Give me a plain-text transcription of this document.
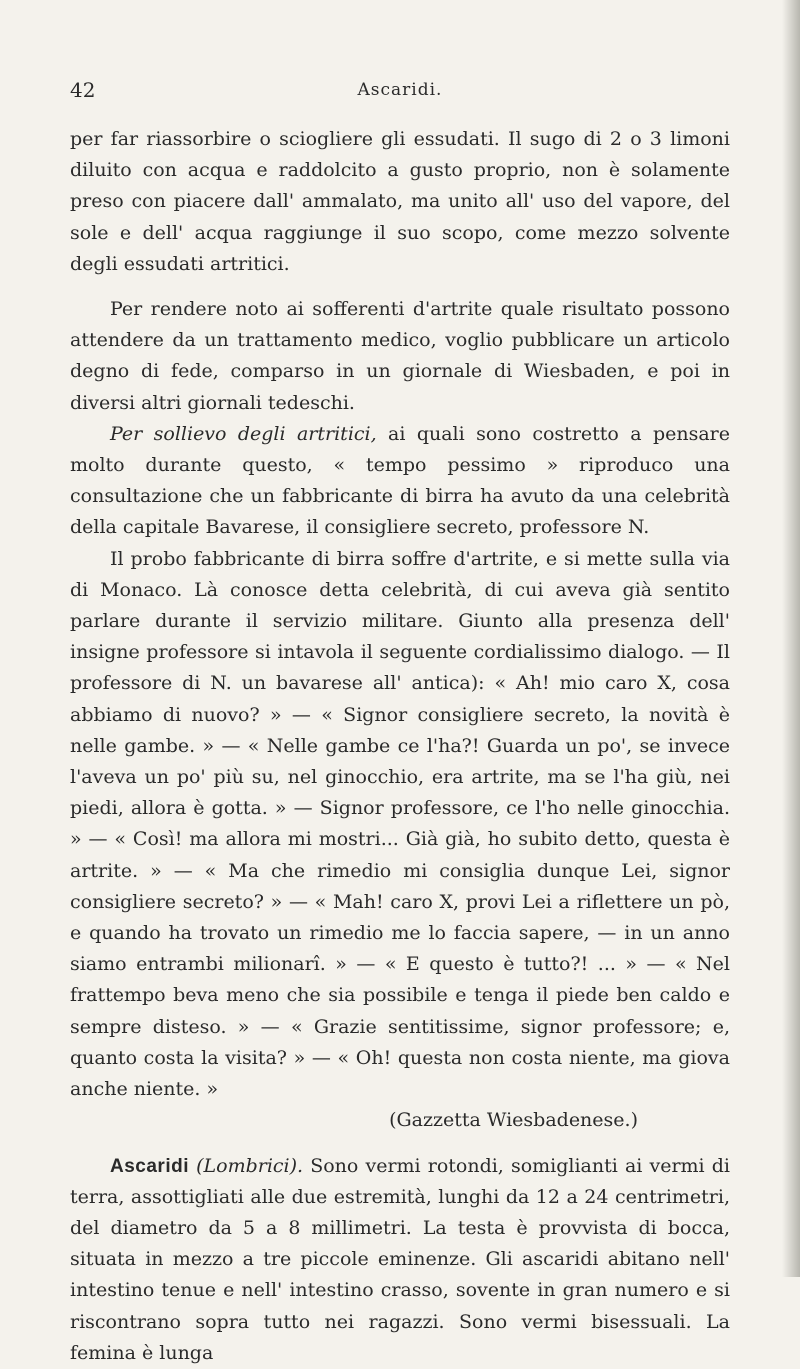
42	Ascaridi.

per far riassorbire o sciogliere gli essudati. Il sugo di 2 o 3 limoni diluito con acqua e raddolcito a gusto proprio, non è solamente preso con piacere dall' ammalato, ma unito all' uso del vapore, del sole e dell' acqua raggiunge il suo scopo, come mezzo solvente degli essudati artritici.

Per rendere noto ai sofferenti d'artrite quale risultato possono attendere da un trattamento medico, voglio pubblicare un articolo degno di fede, comparso in un giornale di Wiesbaden, e poi in diversi altri giornali tedeschi.

Per sollievo degli artritici, ai quali sono costretto a pensare molto durante questo, « tempo pessimo » riproduco una consultazione che un fabbricante di birra ha avuto da una celebrità della capitale Bavarese, il consigliere secreto, professore N.

Il probo fabbricante di birra soffre d'artrite, e si mette sulla via di Monaco. Là conosce detta celebrità, di cui aveva già sentito parlare durante il servizio militare. Giunto alla presenza dell' insigne professore si intavola il seguente cordialissimo dialogo. — Il professore di N. un bavarese all' antica): « Ah! mio caro X, cosa abbiamo di nuovo? » — « Signor consigliere secreto, la novità è nelle gambe. » — « Nelle gambe ce l'ha?! Guarda un po', se invece l'aveva un po' più su, nel ginocchio, era artrite, ma se l'ha giù, nei piedi, allora è gotta. » — Signor professore, ce l'ho nelle ginocchia. » — « Così! ma allora mi mostri... Già già, ho subito detto, questa è artrite. » — « Ma che rimedio mi consiglia dunque Lei, signor consigliere secreto? » — « Mah! caro X, provi Lei a riflettere un pò, e quando ha trovato un rimedio me lo faccia sapere, — in un anno siamo entrambi milionarî. » — « E questo è tutto?! ... » — « Nel frattempo beva meno che sia possibile e tenga il piede ben caldo e sempre disteso. » — « Grazie sentitissime, signor professore; e, quanto costa la visita? » — « Oh! questa non costa niente, ma giova anche niente. »

(Gazzetta Wiesbadenese.)

Ascaridi (Lombrici). Sono vermi rotondi, somiglianti ai vermi di terra, assottigliati alle due estremità, lunghi da 12 a 24 centrimetri, del diametro da 5 a 8 millimetri. La testa è provvista di bocca, situata in mezzo a tre piccole eminenze. Gli ascaridi abitano nell' intestino tenue e nell' intestino crasso, sovente in gran numero e si riscontrano sopra tutto nei ragazzi. Sono vermi bisessuali. La femina è lunga
